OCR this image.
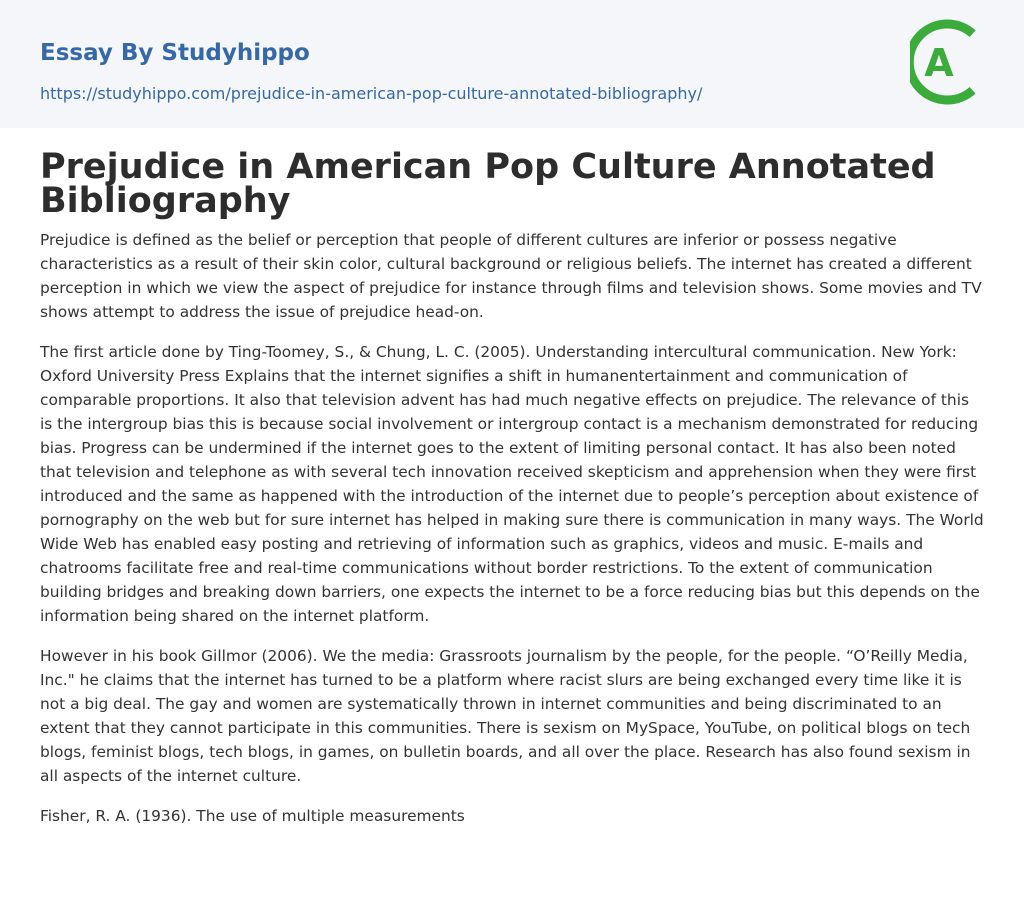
Essay By Studyhippo
https://studyhippo.com/prejudice-in-american-pop-culture-annotated-bibliography/
A
Prejudice in American Pop Culture Annotated Bibliography

Prejudice is defined as the belief or perception that people of different cultures are inferior or possess negative characteristics as a result of their skin color, cultural background or religious beliefs. The internet has created a different perception in which we view the aspect of prejudice for instance through films and television shows. Some movies and TV shows attempt to address the issue of prejudice head-on.

The first article done by Ting-Toomey, S., & Chung, L. C. (2005). Understanding intercultural communication. New York: Oxford University Press Explains that the internet signifies a shift in humanentertainment and communication of comparable proportions. It also that television advent has had much negative effects on prejudice. The relevance of this is the intergroup bias this is because social involvement or intergroup contact is a mechanism demonstrated for reducing bias. Progress can be undermined if the internet goes to the extent of limiting personal contact. It has also been noted that television and telephone as with several tech innovation received skepticism and apprehension when they were first introduced and the same as happened with the introduction of the internet due to people’s perception about existence of pornography on the web but for sure internet has helped in making sure there is communication in many ways. The World Wide Web has enabled easy posting and retrieving of information such as graphics, videos and music. E-mails and chatrooms facilitate free and real-time communications without border restrictions. To the extent of communication building bridges and breaking down barriers, one expects the internet to be a force reducing bias but this depends on the information being shared on the internet platform.

However in his book Gillmor (2006). We the media: Grassroots journalism by the people, for the people. “O’Reilly Media, Inc." he claims that the internet has turned to be a platform where racist slurs are being exchanged every time like it is not a big deal. The gay and women are systematically thrown in internet communities and being discriminated to an extent that they cannot participate in this communities. There is sexism on MySpace, YouTube, on political blogs on tech blogs, feminist blogs, tech blogs, in games, on bulletin boards, and all over the place. Research has also found sexism in all aspects of the internet culture.

Fisher, R. A. (1936). The use of multiple measurements
